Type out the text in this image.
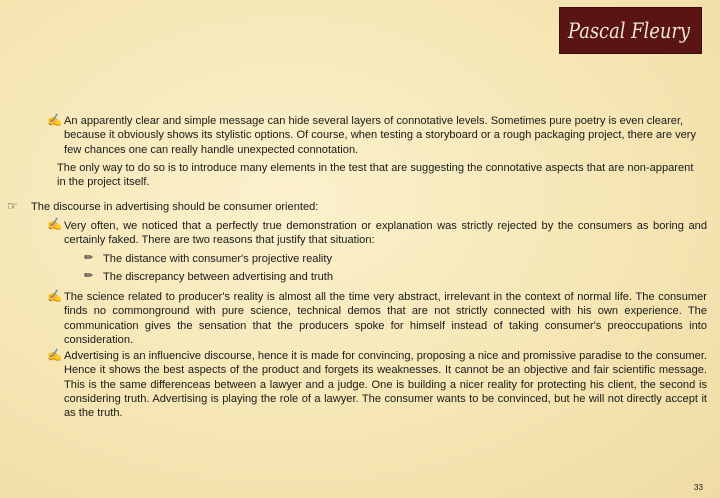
Pascal Fleury
✍ An apparently clear and simple message can hide several layers of connotative levels. Sometimes pure poetry is even clearer, because it obviously shows its stylistic options. Of course, when testing a storyboard or a rough packaging project, there are very few chances one can really handle unexpected connotation.
The only way to do so is to introduce many elements in the test that are suggesting the connotative aspects that are non-apparent in the project itself.
☞ The discourse in advertising should be consumer oriented:
✍ Very often, we noticed that a perfectly true demonstration or explanation was strictly rejected by the consumers as boring and certainly faked. There are two reasons that justify that situation:
✏ The distance with consumer's projective reality
✏ The discrepancy between advertising and truth
✍ The science related to producer's reality is almost all the time very abstract, irrelevant in the context of normal life. The consumer finds no commonground with pure science, technical demos that are not strictly connected with his own experience. The communication gives the sensation that the producers spoke for himself instead of taking consumer's preoccupations into consideration.
✍ Advertising is an influencive discourse, hence it is made for convincing, proposing a nice and promissive paradise to the consumer. Hence it shows the best aspects of the product and forgets its weaknesses. It cannot be an objective and fair scientific message. This is the same differenceas between a lawyer and a judge. One is building a nicer reality for protecting his client, the second is considering truth. Advertising is playing the role of a lawyer. The consumer wants to be convinced, but he will not directly accept it as the truth.
33
